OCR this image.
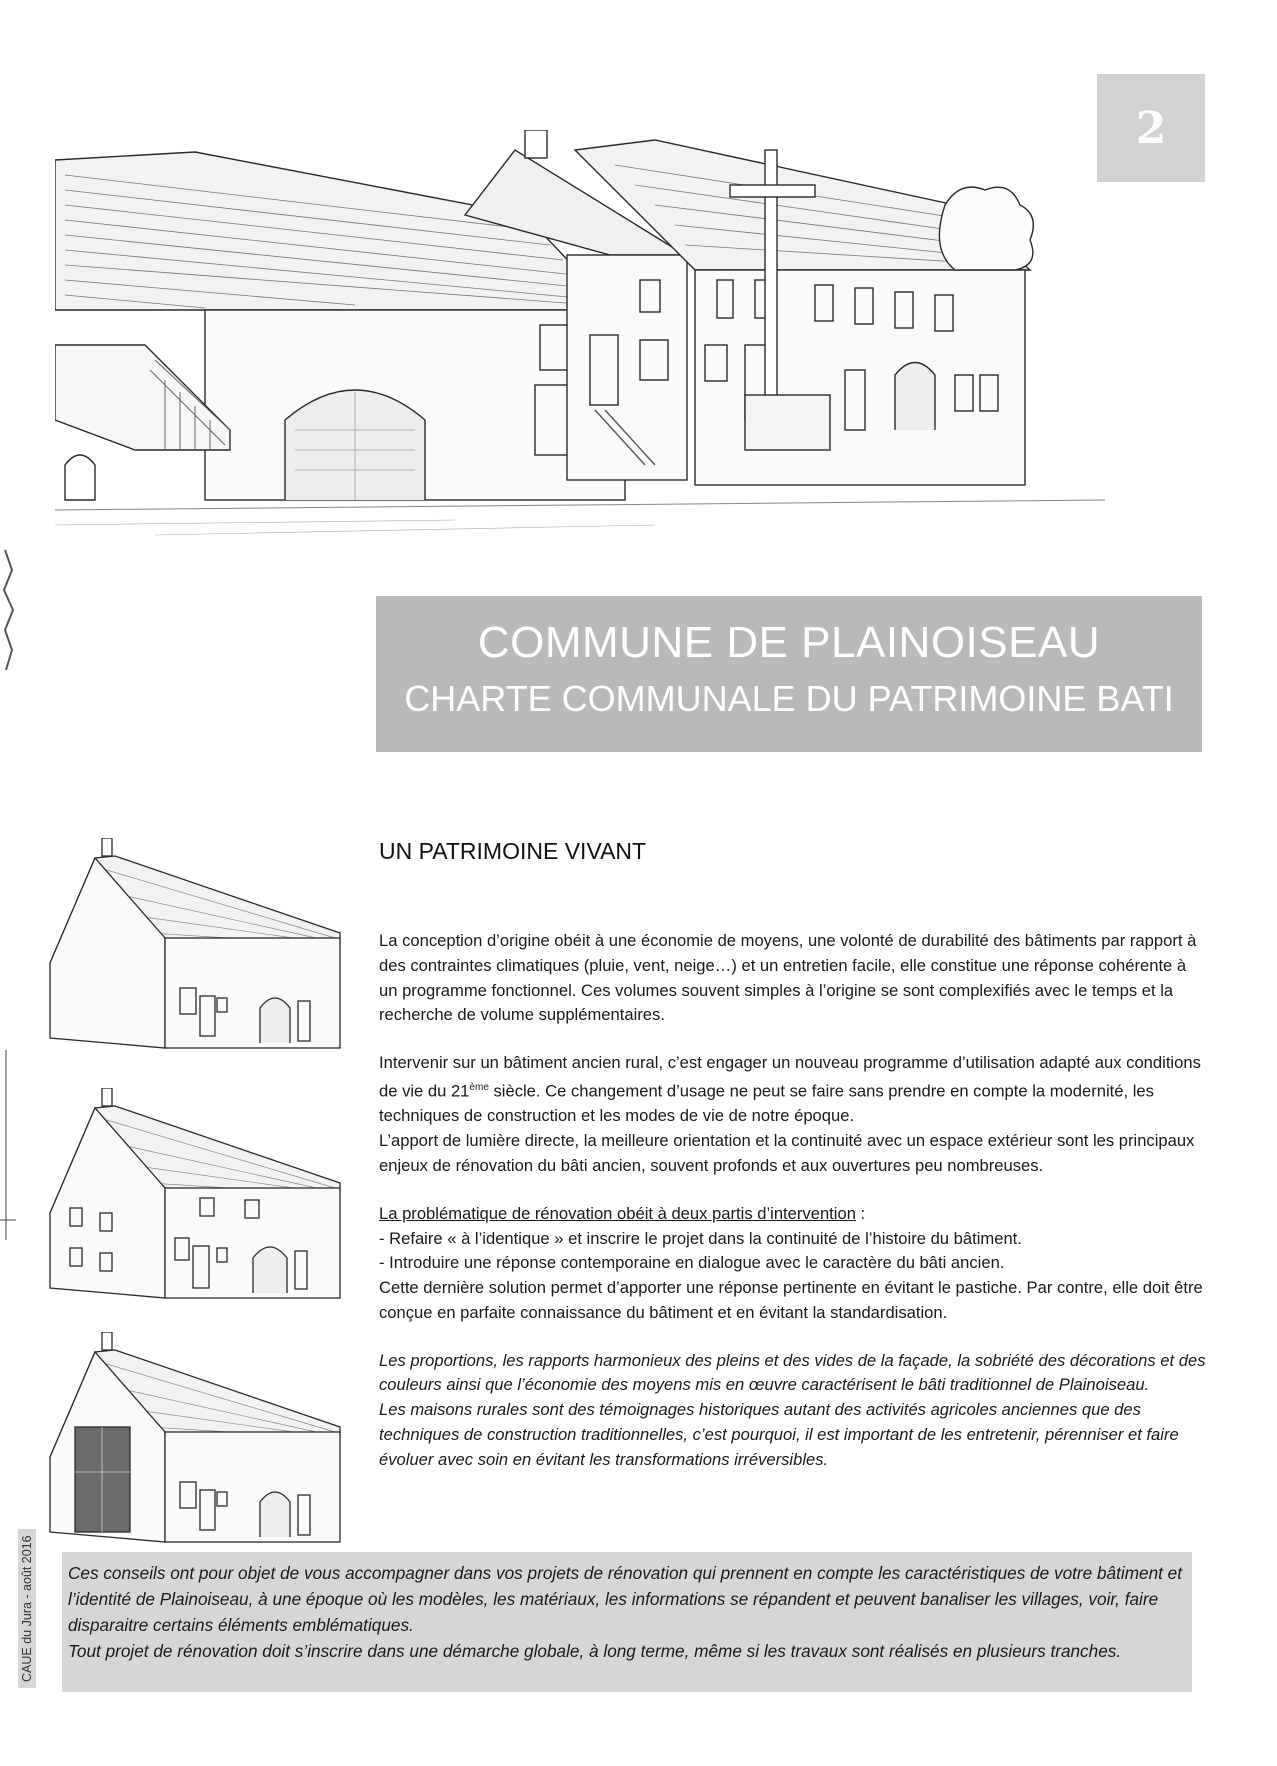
2
COMMUNE DE PLAINOISEAU
CHARTE COMMUNALE DU PATRIMOINE BATI
UN PATRIMOINE VIVANT

La conception d’origine obéit à une économie de moyens, une volonté de durabilité des bâtiments par rapport à des contraintes climatiques (pluie, vent, neige…) et un entretien facile, elle constitue une réponse cohérente à un programme fonctionnel. Ces volumes souvent simples à l’origine se sont complexifiés avec le temps et la recherche de volume supplémentaires.

Intervenir sur un bâtiment ancien rural, c’est engager un nouveau programme d’utilisation adapté aux conditions de vie du 21ème siècle. Ce changement d’usage ne peut se faire sans prendre en compte la modernité, les techniques de construction et les modes de vie de notre époque.

L’apport de lumière directe, la meilleure orientation et la continuité avec un espace extérieur sont les principaux enjeux de rénovation du bâti ancien, souvent profonds et aux ouvertures peu nombreuses.

La problématique de rénovation obéit à deux partis d’intervention :
- Refaire « à l’identique » et inscrire le projet dans la continuité de l’histoire du bâtiment.
- Introduire une réponse contemporaine en dialogue avec le caractère du bâti ancien.
Cette dernière solution permet d’apporter une réponse pertinente en évitant le pastiche. Par contre, elle doit être conçue en parfaite connaissance du bâtiment et en évitant la standardisation.

Les proportions, les rapports harmonieux des pleins et des vides de la façade, la sobriété des décorations et des couleurs ainsi que l’économie des moyens mis en œuvre caractérisent le bâti traditionnel de Plainoiseau.
Les maisons rurales sont des témoignages historiques autant des activités agricoles anciennes que des techniques de construction traditionnelles, c’est pourquoi, il est important de les entretenir, pérenniser et faire évoluer avec soin en évitant les transformations irréversibles.

Ces conseils ont pour objet de vous accompagner dans vos projets de rénovation qui prennent en compte les caractéristiques de votre bâtiment et l’identité de Plainoiseau, à une époque où les modèles, les matériaux, les informations se répandent et peuvent banaliser les villages, voir, faire disparaitre certains éléments emblématiques.
Tout projet de rénovation doit s’inscrire dans une démarche globale, à long terme, même si les travaux sont réalisés en plusieurs tranches.
CAUE du Jura - août 2016
